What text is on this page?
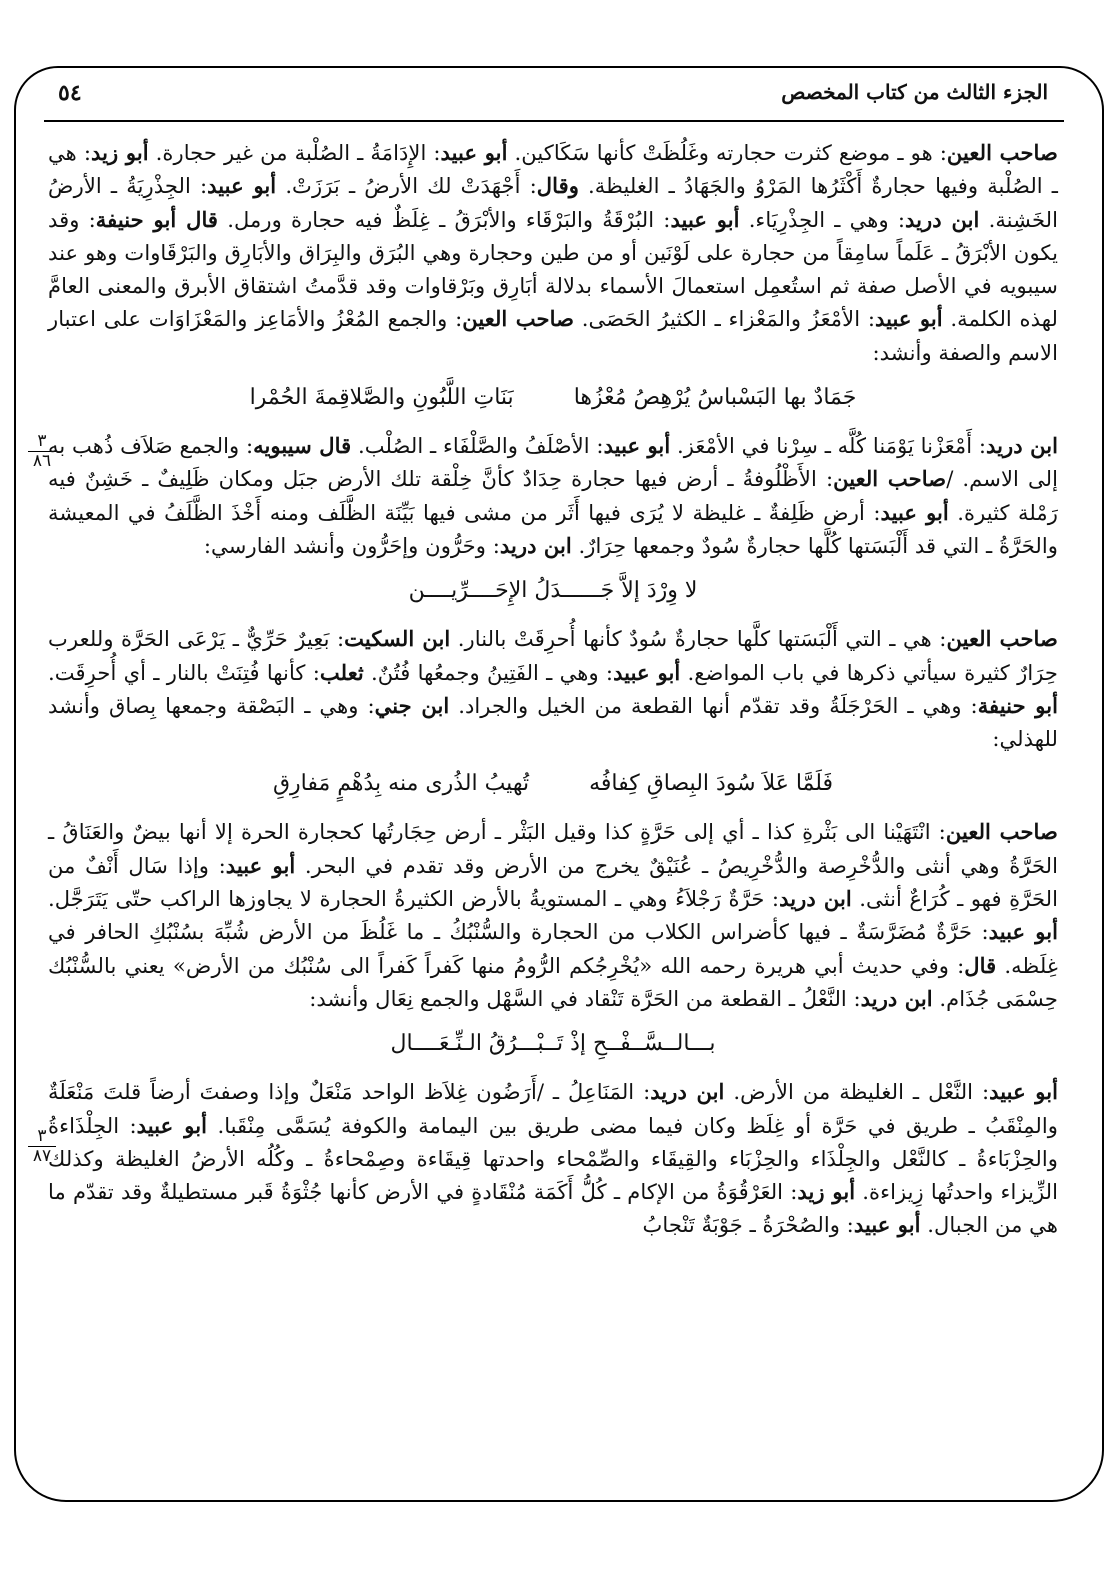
الجزء الثالث من كتاب المخصص
٥٤
٣
٨٦
٣
٨٧

صاحب العين: هو ـ موضع كثرت حجارته وغَلُظَتْ كأنها سَكَاكين. أبو عبيد: الإِدَامَةُ ـ الصُلْبة من غير حجارة. أبو زيد: هي ـ الصُلْبة وفيها حجارةٌ أَكْثَرُها المَرْوُ والجَهَادُ ـ الغليظة. وقال: أَجْهَدَتْ لك الأرضُ ـ بَرَزَتْ. أبو عبيد: الجِذْرِيَةُ ـ الأرضُ الخَشِنة. ابن دريد: وهي ـ الجِذْرِيَاء. أبو عبيد: البُرْقَةُ والبَرْقَاء والأبْرَقُ ـ غِلَظٌ فيه حجارة ورمل. قال أبو حنيفة: وقد يكون الأبْرَقُ ـ عَلَماً سامِقاً من حجارة على لَوْنَين أو من طين وحجارة وهي البُرَق والبِرَاق والأبَارِق والبَرْقَاوات وهو عند سيبويه في الأصل صفة ثم استُعمِل استعمالَ الأسماء بدلالة أبَارِق وبَرْقاوات وقد قدَّمتُ اشتقاق الأبرق والمعنى العامَّ لهذه الكلمة. أبو عبيد: الأمْعَزُ والمَعْزاء ـ الكثيرُ الحَصَى. صاحب العين: والجمع المُعْزُ والأمَاعِز والمَعْزَاوَات على اعتبار الاسم والصفة وأنشد:

جَمَادٌ بها البَسْباسُ يُرْهِصُ مُعْزُها
بَنَاتِ اللَّبُونِ والصَّلاقِمةَ الحُمْرا

ابن دريد: أَمْعَزْنا يَوْمَنا كُلَّه ـ سِرْنا في الأمْعَز. أبو عبيد: الأصْلَفُ والصَّلْفَاء ـ الصُلْب. قال سيبويه: والجمع صَلاَف ذُهب به إلى الاسم. /صاحب العين: الأَظْلُوفةُ ـ أرض فيها حجارة حِدَادٌ كأنَّ خِلْقة تلك الأرض جبَل ومكان ظَلِيفٌ ـ خَشِنٌ فيه رَمْلة كثيرة. أبو عبيد: أرض ظَلِفةٌ ـ غليظة لا يُرَى فيها أَثَر من مشى فيها بَيِّنَة الظَّلَف ومنه أَخْذَ الظَّلَفُ في المعيشة والحَرَّةُ ـ التي قد أَلْبَسَتها كُلَّها حجارةٌ سُودٌ وجمعها حِرَارٌ. ابن دريد: وحَرُّون وإحَرُّون وأنشد الفارسي:

لا وِرْدَ إلاَّ جَــــــدَلُ الإِحَــــرِّيــــن

صاحب العين: هي ـ التي أَلْبَسَتها كلَّها حجارةٌ سُودٌ كأنها أُحرِقَتْ بالنار. ابن السكيت: بَعِيرٌ حَرِّيٌّ ـ يَرْعَى الحَرَّة وللعرب حِرَارٌ كثيرة سيأتي ذكرها في باب المواضع. أبو عبيد: وهي ـ الفَتِينُ وجمعُها فُتُنٌ. ثعلب: كأنها فُتِنَتْ بالنار ـ أي أُحرِقَت. أبو حنيفة: وهي ـ الحَرْجَلَةُ وقد تقدّم أنها القطعة من الخيل والجراد. ابن جني: وهي ـ البَصْقة وجمعها بِصاق وأنشد للهذلي:

فَلَمَّا عَلاَ سُودَ البِصاقِ كِفافُه
تُهيبُ الذُرى منه بِدُهْمٍ مَفارِقِ

صاحب العين: انْتَهَيْنا الى بَثْرةِ كذا ـ أي إلى حَرَّةٍ كذا وقيل البَثْر ـ أرض حِجَارتُها كحجارة الحرة إلا أنها بيضٌ والعَنَاقُ ـ الحَرَّةُ وهي أنثى والدُّخْرِصة والدُّخْرِيصُ ـ عُنَيْقٌ يخرج من الأرض وقد تقدم في البحر. أبو عبيد: وإذا سَال أَنْفٌ من الحَرَّةِ فهو ـ كُرَاعٌ أنثى. ابن دريد: حَرَّةٌ رَجْلاَءُ وهي ـ المستويةُ بالأرض الكثيرةُ الحجارة لا يجاوزها الراكب حتّى يَتَرَجَّل. أبو عبيد: حَرَّةٌ مُضَرَّسَةٌ ـ فيها كأضراس الكلاب من الحجارة والسُّنْبُكُ ـ ما غَلُظَ من الأرض شُبِّهَ بسُنْبُكِ الحافر في غِلَظه. قال: وفي حديث أبي هريرة رحمه الله «يُخْرِجُكم الرُّومُ منها كَفراً كَفراً الى سُنْبُك من الأرض» يعني بالسُّنْبُك حِسْمَى جُذَام. ابن دريد: النَّعْلُ ـ القطعة من الحَرَّة تَنْقاد في السَّهْل والجمع نِعَال وأنشد:

بـــالــسَّــفْــحِ إذْ تَــبْـــرُقُ الـنِّـعَــــال

أبو عبيد: النَّعْل ـ الغليظة من الأرض. ابن دريد: المَنَاعِلُ ـ /أَرَضُون غِلاَظ الواحد مَنْعَلٌ وإذا وصفتَ أرضاً قلتَ مَنْعَلَةٌ والمِنْقَبُ ـ طريق في حَرَّة أو غِلَظ وكان فيما مضى طريق بين اليمامة والكوفة يُسَمَّى مِنْقَبا. أبو عبيد: الجِلْذَاءةُ والحِزْبَاءةُ ـ كالنَّعْل والجِلْذَاء والحِزْبَاء والقِيقَاء والصِّمْحاء واحدتها قِيقَاءة وصِمْحاءةُ ـ وكُلُه الأرضُ الغليظة وكذلك الزِّيزاء واحدتُها زِيزاءة. أبو زيد: العَرْقُوَةُ من الإكام ـ كُلُّ أَكَمَة مُنْقَادةٍ في الأرض كأنها جُثْوَةُ قَبر مستطيلةٌ وقد تقدّم ما هي من الجبال. أبو عبيد: والصُحْرَةُ ـ جَوْبَةٌ تَنْجابُ
